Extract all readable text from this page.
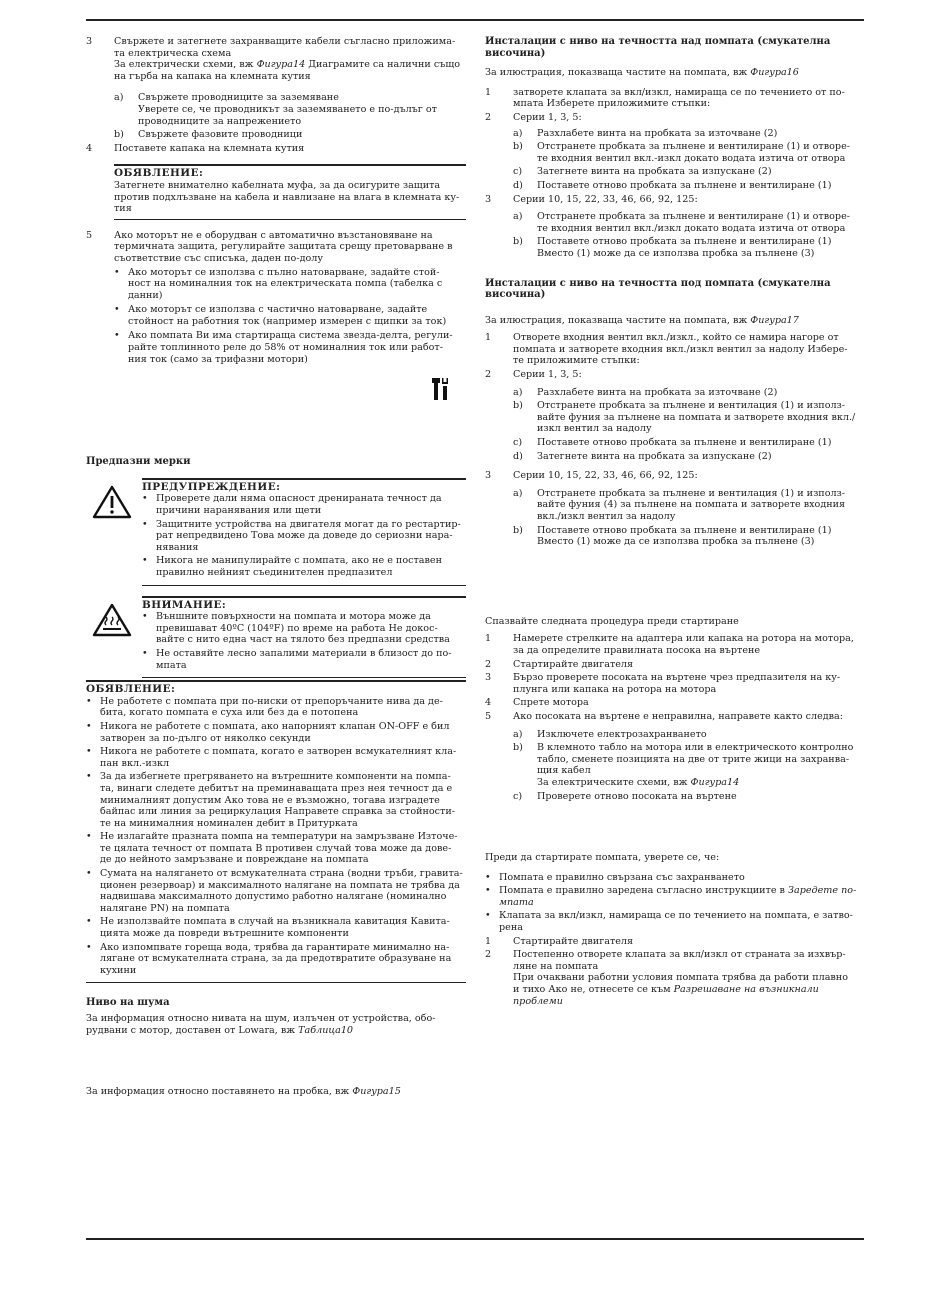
3 Свържете и затегнете захранващите кабели съгласно приложима-
та електрическа схема
За електрически схеми, вж Фигура14 Диаграмите са налични също
на гърба на капака на клемната кутия
a) Свържете проводниците за заземяване
Уверете се, че проводникът за заземяването е по-дълъг от
проводниците за напрежението
b) Свържете фазовите проводници
4 Поставете капака на клемната кутия
ОБЯВЛЕНИЕ:
Затегнете внимателно кабелната муфа, за да осигурите защита
против подхлъзване на кабела и навлизане на влага в клемната ку-
тия
5 Ако моторът не е оборудван с автоматично възстановяване на
термичната защита, регулирайте защитата срещу претоварване в
съответствие със списъка, даден по-долу
• Ако моторът се използва с пълно натоварване, задайте стой-
ност на номиналния ток на електрическата помпа (табелка с
данни)
• Ако моторът се използва с частично натоварване, задайте
стойност на работния ток (например измерен с щипки за ток)
• Ако помпата Ви има стартираща система звезда-делта, регули-
райте топлинното реле до 58% от номиналния ток или работ-
ния ток (само за трифазни мотори)
Предпазни мерки
ПРЕДУПРЕЖДЕНИЕ:
• Проверете дали няма опасност дренираната течност да
причини наранявания или щети
• Защитните устройства на двигателя могат да го рестартир-
рат непредвидено Това може да доведе до сериозни нара-
нявания
• Никога не манипулирайте с помпата, ако не е поставен
правилно нейният съединителен предпазител
ВНИМАНИЕ:
• Външните повърхности на помпата и мотора може да
превишават 40ºC (104ºF) по време на работа Не докос-
вайте с нито една част на тялото без предпазни средства
• Не оставяйте лесно запалими материали в близост до по-
мпата
ОБЯВЛЕНИЕ:
• Не работете с помпата при по-ниски от препоръчаните нива да де-
бита, когато помпата е суха или без да е потопена
• Никога не работете с помпата, ако напорният клапан ON-OFF е бил
затворен за по-дълго от няколко секунди
• Никога не работете с помпата, когато е затворен всмукателният кла-
пан вкл.-изкл
• За да избегнете прегряването на вътрешните компоненти на помпа-
та, винаги следете дебитът на преминаващата през нея течност да е
минималният допустим Ако това не е възможно, тогава изградете
байпас или линия за рециркулация Направете справка за стойности-
те на минималния номинален дебит в Притурката
• Не излагайте празната помпа на температури на замръзване Източе-
те цялата течност от помпата В противен случай това може да дове-
де до нейното замръзване и повреждане на помпата
• Сумата на налягането от всмукателната страна (водни тръби, гравита-
ционен резервоар) и максималното налягане на помпата не трябва да
надвишава максималното допустимо работно налягане (номинално
налягане PN) на помпата
• Не използвайте помпата в случай на възникнала кавитация Кавита-
цията може да повреди вътрешните компоненти
• Ако изпомпвате гореща вода, трябва да гарантирате минимално на-
лягане от всмукателната страна, за да предотвратите образуване на
кухини
Ниво на шума
За информация относно нивата на шум, излъчен от устройства, обо-
рудвани с мотор, доставен от Lowara, вж Таблица10
За информация относно поставянето на пробка, вж Фигура15
Инсталации с ниво на течността над помпата (смукателна
височина)
За илюстрация, показваща частите на помпата, вж Фигура16
1 затворете клапата за вкл/изкл, намираща се по течението от по-
мпата Изберете приложимите стъпки:
2 Серии 1, 3, 5:
a) Разхлабете винта на пробката за източване (2)
b) Отстранете пробката за пълнене и вентилиране (1) и отворе-
те входния вентил вкл.-изкл докато водата изтича от отвора
c) Затегнете винта на пробката за изпускане (2)
d) Поставете отново пробката за пълнене и вентилиране (1)
3 Серии 10, 15, 22, 33, 46, 66, 92, 125:
a) Отстранете пробката за пълнене и вентилиране (1) и отворе-
те входния вентил вкл./изкл докато водата изтича от отвора
b) Поставете отново пробката за пълнене и вентилиране (1)
Вместо (1) може да се използва пробка за пълнене (3)
Инсталации с ниво на течността под помпата (смукателна
височина)
За илюстрация, показваща частите на помпата, вж Фигура17
1 Отворете входния вентил вкл./изкл., който се намира нагоре от
помпата и затворете входния вкл./изкл вентил за надолу Избере-
те приложимите стъпки:
2 Серии 1, 3, 5:
a) Разхлабете винта на пробката за източване (2)
b) Отстранете пробката за пълнене и вентилация (1) и използ-
вайте фуния за пълнене на помпата и затворете входния вкл./
изкл вентил за надолу
c) Поставете отново пробката за пълнене и вентилиране (1)
d) Затегнете винта на пробката за изпускане (2)
3 Серии 10, 15, 22, 33, 46, 66, 92, 125:
a) Отстранете пробката за пълнене и вентилация (1) и използ-
вайте фуния (4) за пълнене на помпата и затворете входния
вкл./изкл вентил за надолу
b) Поставете отново пробката за пълнене и вентилиране (1)
Вместо (1) може да се използва пробка за пълнене (3)
Спазвайте следната процедура преди стартиране
1 Намерете стрелките на адаптера или капака на ротора на мотора,
за да определите правилната посока на въртене
2 Стартирайте двигателя
3 Бързо проверете посоката на въртене чрез предпазителя на ку-
плунга или капака на ротора на мотора
4 Спрете мотора
5 Ако посоката на въртене е неправилна, направете както следва:
a) Изключете електрозахранването
b) В клемното табло на мотора или в електрическото контролно
табло, сменете позицията на две от трите жици на захранва-
щия кабел
За електрическите схеми, вж Фигура14
c) Проверете отново посоката на въртене
Преди да стартирате помпата, уверете се, че:
• Помпата е правилно свързана със захранването
• Помпата е правилно заредена съгласно инструкциите в Заредете по-
мпата
• Клапата за вкл/изкл, намираща се по течението на помпата, е затво-
рена
1 Стартирайте двигателя
2 Постепенно отворете клапата за вкл/изкл от страната за изхвър-
ляне на помпата
При очаквани работни условия помпата трябва да работи плавно
и тихо Ако не, отнесете се към Разрешаване на възникнали проблеми
